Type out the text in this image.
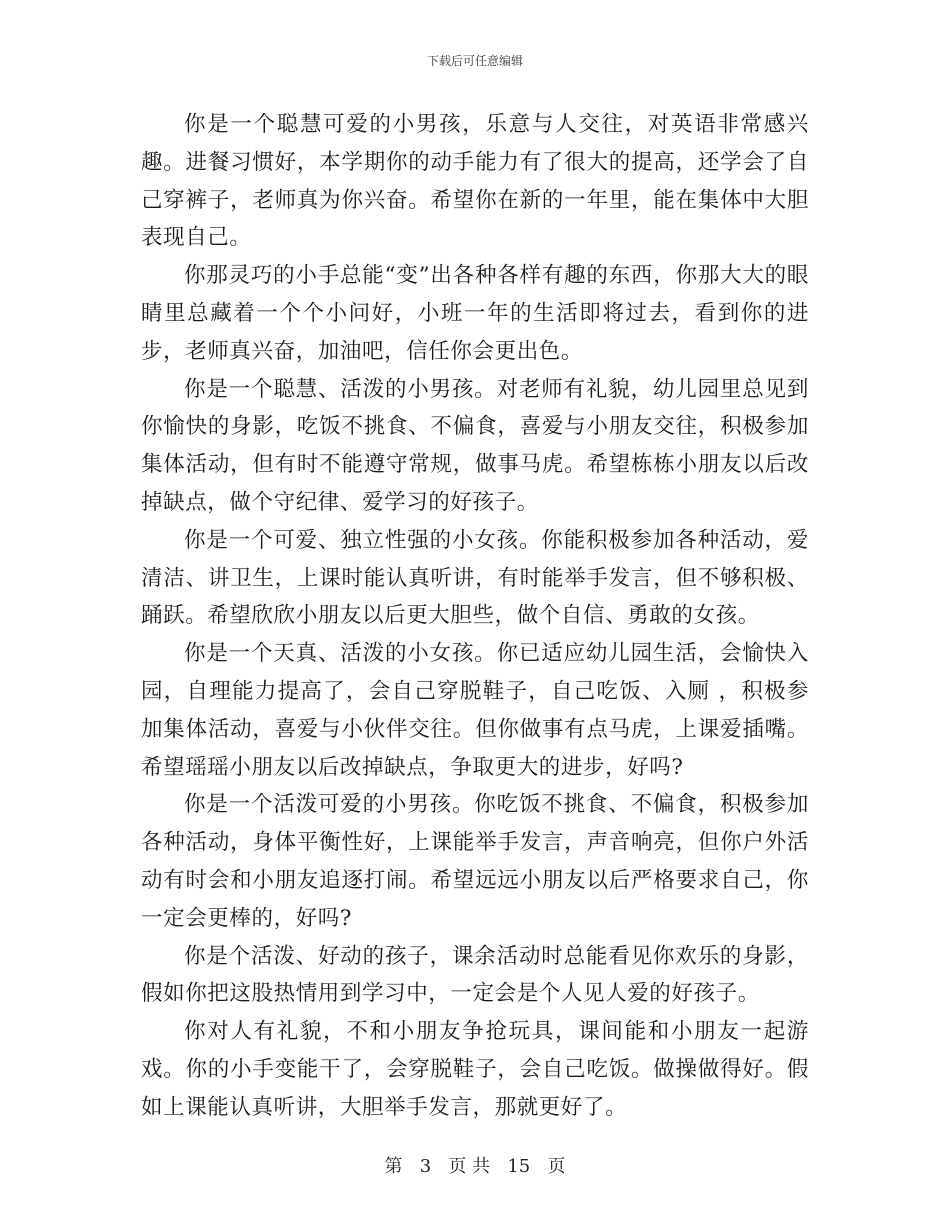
下载后可任意编辑

你是一个聪慧可爱的小男孩，乐意与人交往，对英语非常感兴趣。进餐习惯好，本学期你的动手能力有了很大的提高，还学会了自己穿裤子，老师真为你兴奋。希望你在新的一年里，能在集体中大胆表现自己。

你那灵巧的小手总能“变”出各种各样有趣的东西，你那大大的眼睛里总藏着一个个小问好，小班一年的生活即将过去，看到你的进步，老师真兴奋，加油吧，信任你会更出色。

你是一个聪慧、活泼的小男孩。对老师有礼貌，幼儿园里总见到你愉快的身影，吃饭不挑食、不偏食，喜爱与小朋友交往，积极参加集体活动，但有时不能遵守常规，做事马虎。希望栋栋小朋友以后改掉缺点，做个守纪律、爱学习的好孩子。

你是一个可爱、独立性强的小女孩。你能积极参加各种活动，爱清洁、讲卫生，上课时能认真听讲，有时能举手发言，但不够积极、踊跃。希望欣欣小朋友以后更大胆些，做个自信、勇敢的女孩。

你是一个天真、活泼的小女孩。你已适应幼儿园生活，会愉快入园，自理能力提高了，会自己穿脱鞋子，自己吃饭、入厕 ，积极参加集体活动，喜爱与小伙伴交往。但你做事有点马虎，上课爱插嘴。希望瑶瑶小朋友以后改掉缺点，争取更大的进步，好吗?

你是一个活泼可爱的小男孩。你吃饭不挑食、不偏食，积极参加各种活动，身体平衡性好，上课能举手发言，声音响亮，但你户外活动有时会和小朋友追逐打闹。希望远远小朋友以后严格要求自己，你一定会更棒的，好吗?

你是个活泼、好动的孩子，课余活动时总能看见你欢乐的身影，假如你把这股热情用到学习中，一定会是个人见人爱的好孩子。

你对人有礼貌，不和小朋友争抢玩具，课间能和小朋友一起游戏。你的小手变能干了，会穿脱鞋子，会自己吃饭。做操做得好。假如上课能认真听讲，大胆举手发言，那就更好了。

第 3 页 共 15 页
